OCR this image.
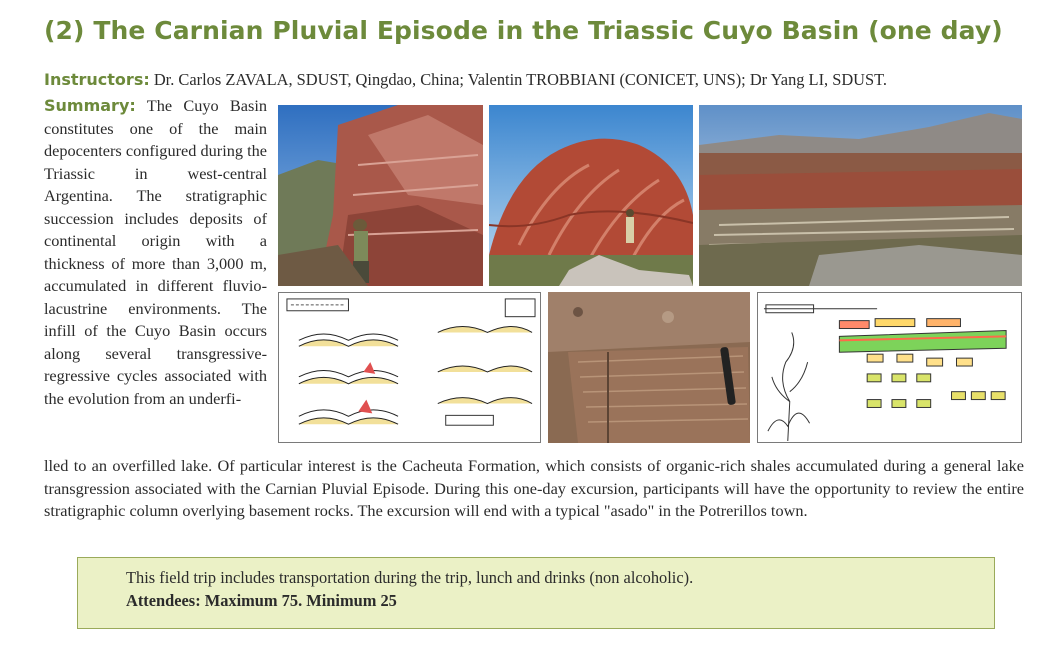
(2) The Carnian Pluvial Episode in the Triassic Cuyo Basin (one day)
Instructors: Dr. Carlos ZAVALA, SDUST, Qingdao, China; Valentin TROBBIANI (CONICET, UNS); Dr Yang LI, SDUST.
Summary: The Cuyo Basin constitutes one of the main depocenters configured during the Triassic in west-central Argentina. The stratigraphic succession includes deposits of continental origin with a thickness of more than 3,000 m, accumulated in different fluvio-lacustrine environments. The infill of the Cuyo Basin occurs along several transgressive-regressive cycles associated with the evolution from an underfi-
lled to an overfilled lake. Of particular interest is the Cacheuta Formation, which consists of organic-rich shales accumulated during a general lake transgression associated with the Carnian Pluvial Episode. During this one-day excursion, participants will have the opportunity to review the entire stratigraphic column overlying basement rocks. The excursion will end with a typical "asado" in the Potrerillos town.
This field trip includes transportation during the trip, lunch and drinks (non alcoholic).
Attendees: Maximum 75. Minimum 25
